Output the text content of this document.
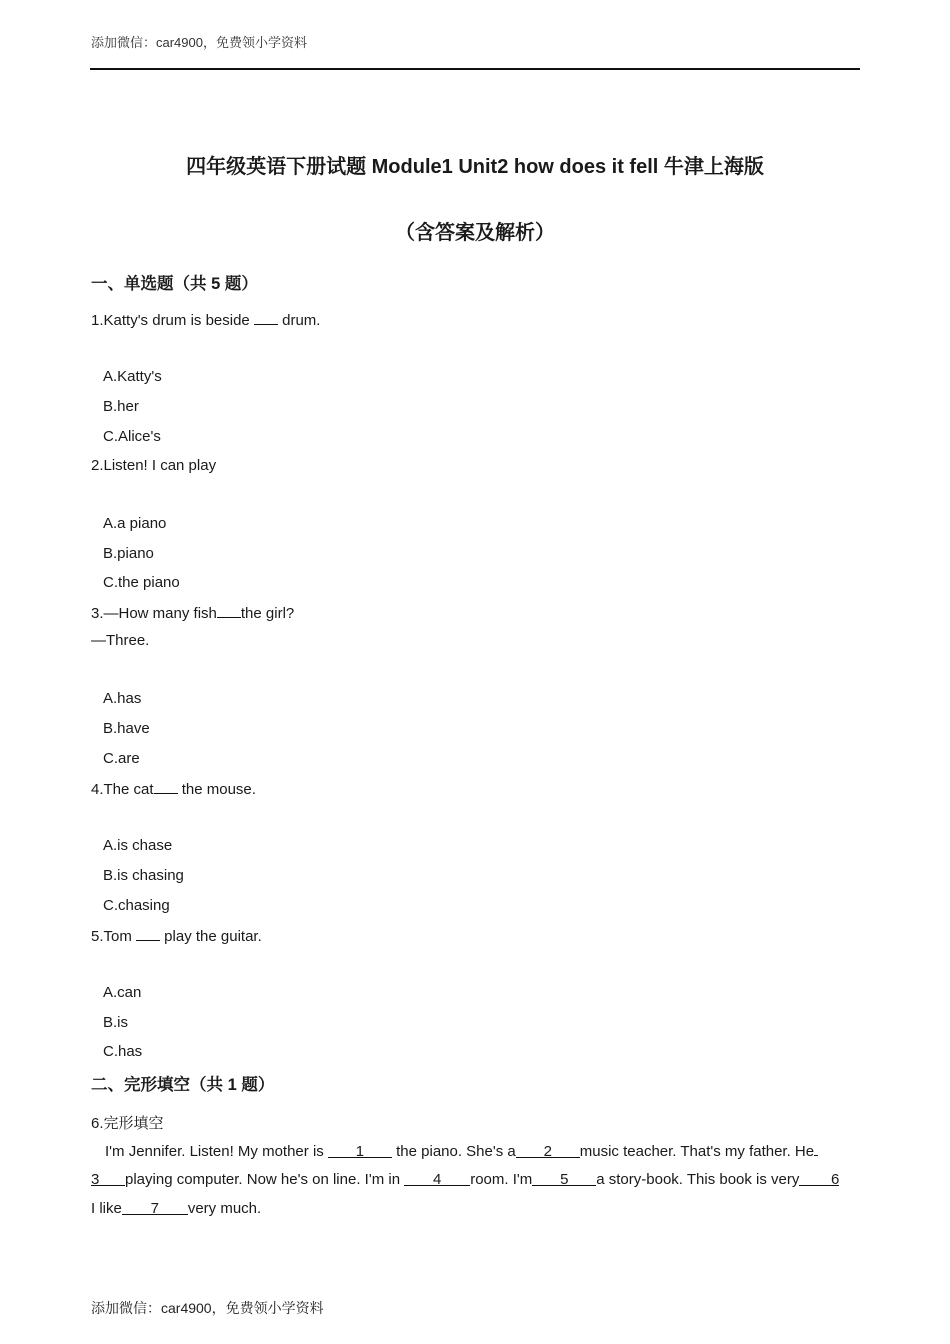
添加微信：car4900，免费领小学资料
四年级英语下册试题 Module1 Unit2 how does it fell 牛津上海版
（含答案及解析）
一、单选题（共 5 题）
1.Katty's drum is beside  drum.
A.Katty's
B.her
C.Alice's
2.Listen! I can play
A.a piano
B.piano
C.the piano
3.—How many fish the girl?
—Three.
A.has
B.have
C.are
4.The cat the mouse.
A.is chase
B.is chasing
C.chasing
5.Tom  play the guitar.
A.can
B.is
C.has
二、完形填空（共 1 题）
6.完形填空
I'm Jennifer. Listen! My mother is 1 the piano. She's a 2 music teacher. That's my father. He
3 playing computer. Now he's on line. I'm in 4 room. I'm 5 a story-book. This book is very 6
I like 7 very much.
添加微信：car4900，免费领小学资料
